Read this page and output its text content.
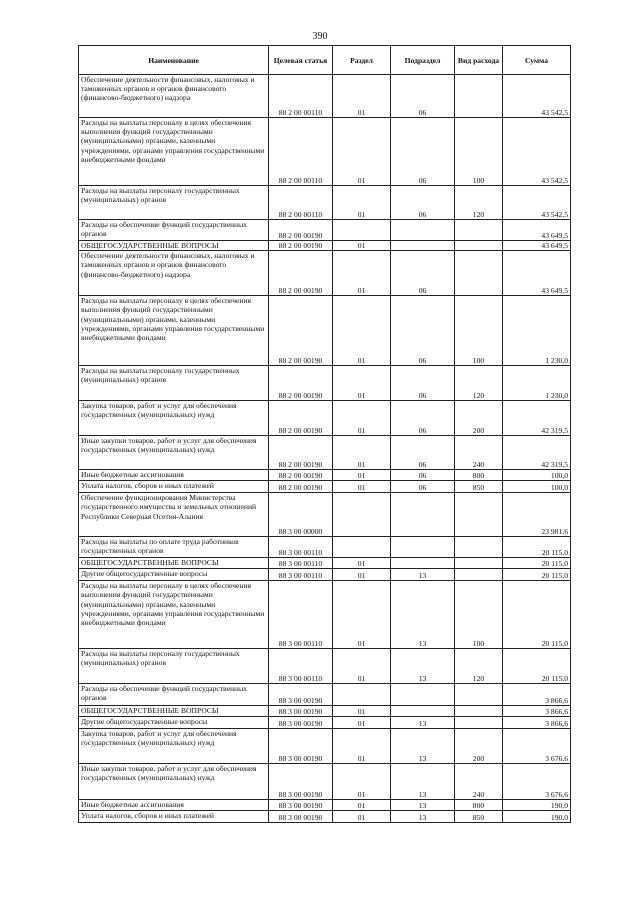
390
Наименование	Целевая статья	Раздел	Подраздел	Вид расхода	Сумма
Обеспечение деятельности финансовых, налоговых и таможенных органов и органов финансового (финансово-бюджетного) надзора	88 2 00 00110	01	06		43 542,5
Расходы на выплаты персоналу в целях обеспечения выполнения функций государственными (муниципальными) органами, казенными учреждениями, органами управления государственными внебюджетными фондами	88 2 00 00110	01	06	100	43 542,5
Расходы на выплаты персоналу государственных (муниципальных) органов	88 2 00 00110	01	06	120	43 542,5
Расходы на обеспечение функций государственных органов	88 2 00 00190				43 649,5
ОБЩЕГОСУДАРСТВЕННЫЕ ВОПРОСЫ	88 2 00 00190	01			43 649,5
Обеспечение деятельности финансовых, налоговых и таможенных органов и органов финансового (финансово-бюджетного) надзора	88 2 00 00190	01	06		43 649,5
Расходы на выплаты персоналу в целях обеспечения выполнения функций государственными (муниципальными) органами, казенными учреждениями, органами управления государственными внебюджетными фондами	88 2 00 00190	01	06	100	1 230,0
Расходы на выплаты персоналу государственных (муниципальных) органов	88 2 00 00190	01	06	120	1 230,0
Закупка товаров, работ и услуг для обеспечения государственных (муниципальных) нужд	88 2 00 00190	01	06	200	42 319,5
Иные закупки товаров, работ и услуг для обеспечения государственных (муниципальных) нужд	88 2 00 00190	01	06	240	42 319,5
Иные бюджетные ассигнования	88 2 00 00190	01	06	800	100,0
Уплата налогов, сборов и иных платежей	88 2 00 00190	01	06	850	100,0
Обеспечение функционирования Министерства государственного имущества и земельных отношений Республики Северная Осетия-Алания	88 3 00 00000				23 981,6
Расходы на выплаты по оплате труда работников государственных органов	88 3 00 00110				20 115,0
ОБЩЕГОСУДАРСТВЕННЫЕ ВОПРОСЫ	88 3 00 00110	01			20 115,0
Другие общегосударственные вопросы	88 3 00 00110	01	13		20 115,0
Расходы на выплаты персоналу в целях обеспечения выполнения функций государственными (муниципальными) органами, казенными учреждениями, органами управления государственными внебюджетными фондами	88 3 00 00110	01	13	100	20 115,0
Расходы на выплаты персоналу государственных (муниципальных) органов	88 3 00 00110	01	13	120	20 115,0
Расходы на обеспечение функций государственных органов	88 3 00 00190				3 866,6
ОБЩЕГОСУДАРСТВЕННЫЕ ВОПРОСЫ	88 3 00 00190	01			3 866,6
Другие общегосударственные вопросы	88 3 00 00190	01	13		3 866,6
Закупка товаров, работ и услуг для обеспечения государственных (муниципальных) нужд	88 3 00 00190	01	13	200	3 676,6
Иные закупки товаров, работ и услуг для обеспечения государственных (муниципальных) нужд	88 3 00 00190	01	13	240	3 676,6
Иные бюджетные ассигнования	88 3 00 00190	01	13	800	190,0
Уплата налогов, сборов и иных платежей	88 3 00 00190	01	13	850	190,0
